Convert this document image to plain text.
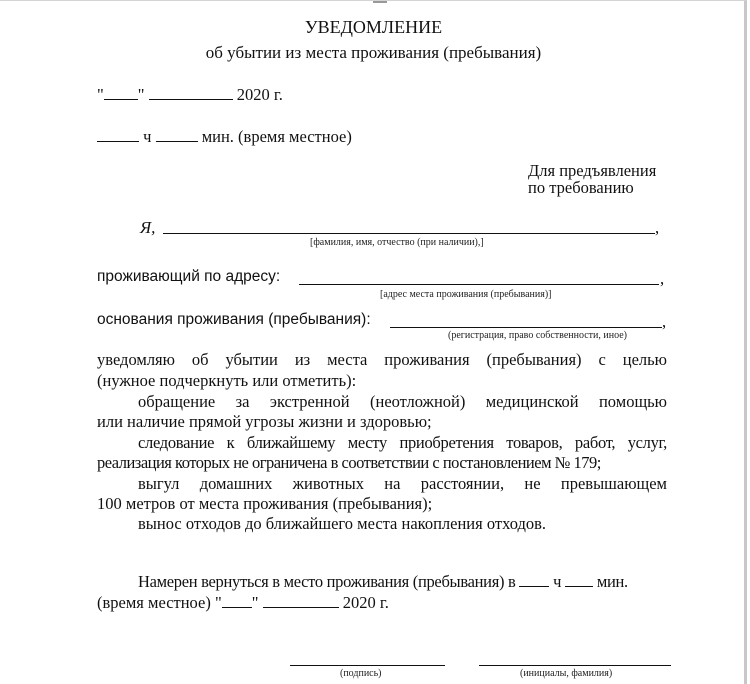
УВЕДОМЛЕНИЕ
об убытии из места проживания (пребывания)
" "	2020 г.
ч	мин. (время местное)
Для предъявления
по требованию
Я,	,
[фамилия, имя, отчество (при наличии),]
проживающий по адресу:	,
[адрес места проживания (пребывания)]
основания проживания (пребывания):	,
(регистрация, право собственности, иное)
уведомляю об убытии из места проживания (пребывания) с целью
(нужное подчеркнуть или отметить):
обращение за экстренной (неотложной) медицинской помощью
или наличие прямой угрозы жизни и здоровью;
следование к ближайшему месту приобретения товаров, работ, услуг,
реализация которых не ограничена в соответствии с постановлением № 179;
выгул домашних животных на расстоянии, не превышающем
100 метров от места проживания (пребывания);
вынос отходов до ближайшего места накопления отходов.
Намерен вернуться в место проживания (пребывания) в ч мин.
(время местное) " "	2020 г.
(подпись)	(инициалы, фамилия)
